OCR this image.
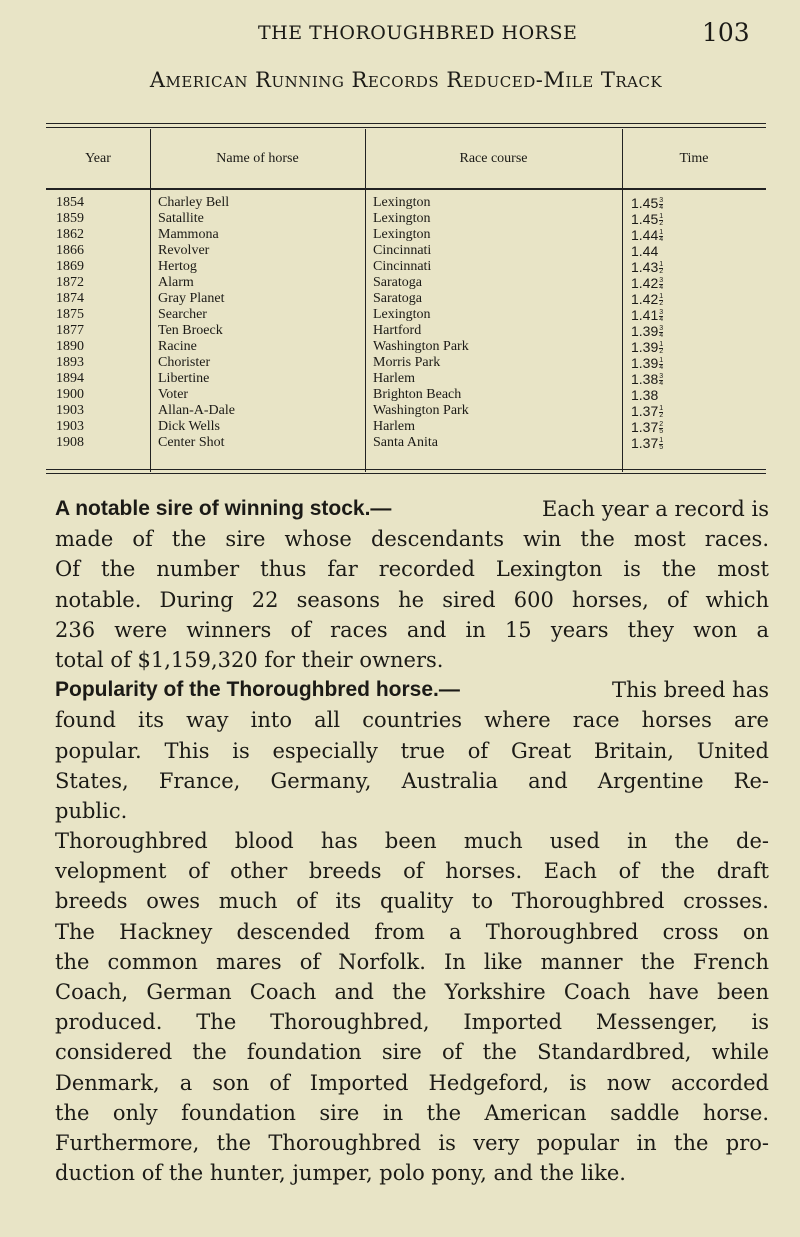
THE THOROUGHBRED HORSE	103
American Running Records Reduced-Mile Track
Year	Name of horse	Race course	Time
1854	Charley Bell	Lexington	$1.45 \frac{3}{4}$
1859	Satallite	Lexington	$1.45 \frac{1}{2}$
1862	Mammona	Lexington	$1.44 \frac{1}{4}$
1866	Revolver	Cincinnati	1.44
1869	Hertog	Cincinnati	$1.43 \frac{1}{2}$
1872	Alarm	Saratoga	$1.42 \frac{3}{4}$
1874	Gray Planet	Saratoga	$1.42 \frac{1}{2}$
1875	Searcher	Lexington	$1.41 \frac{3}{4}$
1877	Ten Broeck	Hartford	$1.39 \frac{3}{4}$
1890	Racine	Washington Park	$1.39 \frac{1}{2}$
1893	Chorister	Morris Park	$1.39 \frac{1}{4}$
1894	Libertine	Harlem	$1.38 \frac{3}{4}$
1900	Voter	Brighton Beach	1.38
1903	Allan-A-Dale	Washington Park	$1.37 \frac{1}{2}$
1903	Dick Wells	Harlem	$1.37 \frac{2}{5}$
1908	Center Shot	Santa Anita	$1.37 \frac{1}{5}$
A notable sire of winning stock.—	Each year a record is
made of the sire whose descendants win the most races.
Of the number thus far recorded Lexington is the most
notable. During 22 seasons he sired 600 horses, of which
236 were winners of races and in 15 years they won a
total of $1,159,320 for their owners.
Popularity of the Thoroughbred horse.—	This breed has
found its way into all countries where race horses are
popular. This is especially true of Great Britain, United
States, France, Germany, Australia and Argentine Re-
public.
Thoroughbred blood has been much used in the de-
velopment of other breeds of horses. Each of the draft
breeds owes much of its quality to Thoroughbred crosses.
The Hackney descended from a Thoroughbred cross on
the common mares of Norfolk. In like manner the French
Coach, German Coach and the Yorkshire Coach have been
produced. The Thoroughbred, Imported Messenger, is
considered the foundation sire of the Standardbred, while
Denmark, a son of Imported Hedgeford, is now accorded
the only foundation sire in the American saddle horse.
Furthermore, the Thoroughbred is very popular in the pro-
duction of the hunter, jumper, polo pony, and the like.
